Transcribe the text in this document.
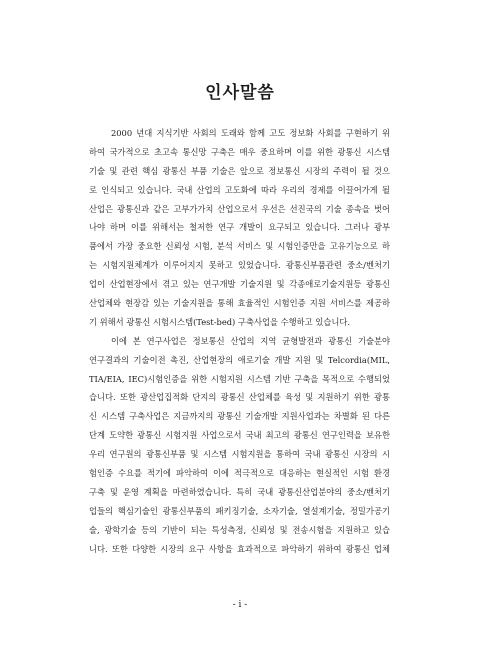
인사말씀
2000 년대 지식기반 사회의 도래와 함께 고도 정보화 사회를 구현하기 위
하여 국가적으로 초고속 통신망 구축은 매우 중요하며 이를 위한 광통신 시스템
기술 및 관련 핵심 광통신 부품 기술은 앞으로 정보통신 시장의 주력이 될 것으
로 인식되고 있습니다. 국내 산업의 고도화에 따라 우리의 경제를 이끌어가게 될
산업은 광통신과 같은 고부가가치 산업으로서 우선은 선진국의 기술 종속을 벗어
나야 하며 이를 위해서는 철저한 연구 개발이 요구되고 있습니다. 그러나 광부
품에서 가장 중요한 신뢰성 시험, 분석 서비스 및 시험인증만을 고유기능으로 하
는 시험지원체계가 이루어지지 못하고 있었습니다. 광통신부품관련 중소/벤처기
업이 산업현장에서 겪고 있는 연구개발 기술지원 및 각종애로기술지원등 광통신
산업체와 현장감 있는 기술지원을 통해 효율적인 시험인증 지원 서비스를 제공하
기 위해서 광통신 시험시스템(Test-bed) 구축사업을 수행하고 있습니다.
이에 본 연구사업은 정보통신 산업의 지역 균형발전과 광통신 기술분야
연구결과의 기술이전 촉진, 산업현장의 애로기술 개발 지원 및 Telcordia(MIL,
TIA/EIA, IEC)시험인증을 위한 시험지원 시스템 기반 구축을 목적으로 수행되었
습니다. 또한 광산업집적화 단지의 광통신 산업체를 육성 및 지원하기 위한 광통
신 시스템 구축사업은 지금까지의 광통신 기술개발 지원사업과는 차별화 된 다른
단계 도약한 광통신 시험지원 사업으로서 국내 최고의 광통신 연구인력을 보유한
우리 연구원의 광통신부품 및 시스템 시험지원을 통하여 국내 광통신 시장의 시
험인증 수요를 적기에 파악하여 이에 적극적으로 대응하는 현실적인 시험 환경
구축 및 운영 계획을 마련하였습니다. 특히 국내 광통신산업분야의 중소/벤처기
업들의 핵심기술인 광통신부품의 패키징기술, 소자기술, 열설계기술, 정밀가공기
술, 광학기술 등의 기반이 되는 특성측정, 신뢰성 및 전송시험을 지원하고 있습
니다. 또한 다양한 시장의 요구 사항을 효과적으로 파악하기 위하여 광통신 업체
- i -
